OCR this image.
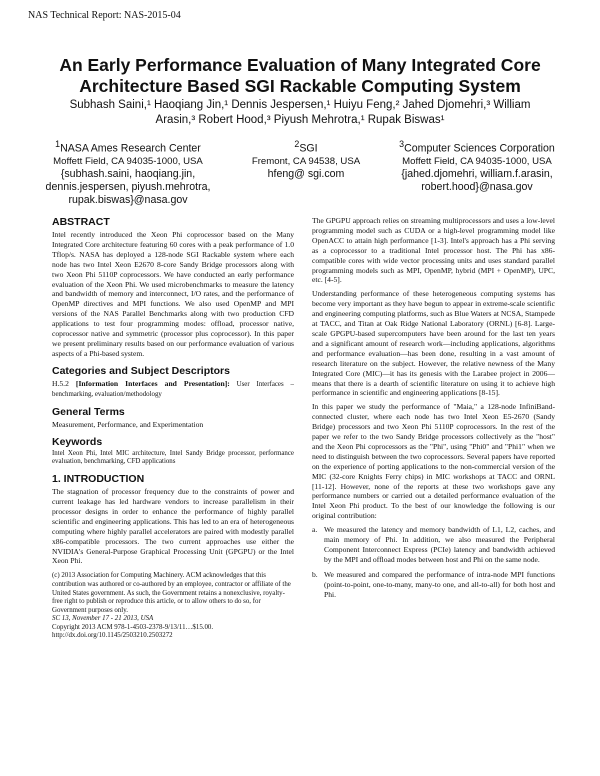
NAS Technical Report: NAS-2015-04
An Early Performance Evaluation of Many Integrated Core
Architecture Based SGI Rackable Computing System
Subhash Saini,¹ Haoqiang Jin,¹ Dennis Jespersen,¹ Huiyu Feng,² Jahed Djomehri,³ William
Arasin,³ Robert Hood,³ Piyush Mehrotra,¹ Rupak Biswas¹
$^1$NASA Ames Research Center
Moffett Field, CA 94035-1000, USA
{subhash.saini, haoqiang.jin,
dennis.jespersen, piyush.mehrotra,
rupak.biswas}@nasa.gov
$^2$SGI
Fremont, CA 94538, USA
hfeng@ sgi.com
$^3$Computer Sciences Corporation
Moffett Field, CA 94035-1000, USA
{jahed.djomehri, william.f.arasin,
robert.hood}@nasa.gov
ABSTRACT

Intel recently introduced the Xeon Phi coprocessor based on the Many Integrated Core architecture featuring 60 cores with a peak performance of 1.0 Tflop/s. NASA has deployed a 128-node SGI Rackable system where each node has two Intel Xeon E2670 8-core Sandy Bridge processors along with two Xeon Phi 5110P coprocessors. We have conducted an early performance evaluation of the Xeon Phi. We used microbenchmarks to measure the latency and bandwidth of memory and interconnect, I/O rates, and the performance of OpenMP directives and MPI functions. We also used OpenMP and MPI versions of the NAS Parallel Benchmarks along with two production CFD applications to test four programming modes: offload, processor native, coprocessor native and symmetric (processor plus coprocessor). In this paper we present preliminary results based on our performance evaluation of various aspects of a Phi-based system.

Categories and Subject Descriptors

H.5.2 [Information Interfaces and Presentation]: User Interfaces – benchmarking, evaluation/methodology

General Terms

Measurement, Performance, and Experimentation

Keywords

Intel Xeon Phi, Intel MIC architecture, Intel Sandy Bridge processor, performance evaluation, benchmarking, CFD applications

1. INTRODUCTION

The stagnation of processor frequency due to the constraints of power and current leakage has led hardware vendors to increase parallelism in their processor designs in order to enhance the performance of highly parallel scientific and engineering applications. This has led to an era of heterogeneous computing where highly parallel accelerators are paired with modestly parallel x86-compatible processors. The two current approaches use either the NVIDIA's General-Purpose Graphical Processing Unit (GPGPU) or the Intel Xeon Phi.

(c) 2013 Association for Computing Machinery. ACM acknowledges that this contribution was authored or co-authored by an employee, contractor or affiliate of the United States government. As such, the Government retains a nonexclusive, royalty-free right to publish or reproduce this article, or to allow others to do so, for Government purposes only.

SC 13, November 17 - 21 2013, USA

Copyright 2013 ACM 978-1-4503-2378-9/13/11…$15.00.

http://dx.doi.org/10.1145/2503210.2503272

The GPGPU approach relies on streaming multiprocessors and uses a low-level programming model such as CUDA or a high-level programming model like OpenACC to attain high performance [1-3]. Intel's approach has a Phi serving as a coprocessor to a traditional Intel processor host. The Phi has x86-compatible cores with wide vector processing units and uses standard parallel programming models such as MPI, OpenMP, hybrid (MPI + OpenMP), UPC, etc. [4-5].

Understanding performance of these heterogeneous computing systems has become very important as they have begun to appear in extreme-scale scientific and engineering computing platforms, such as Blue Waters at NCSA, Stampede at TACC, and Titan at Oak Ridge National Laboratory (ORNL) [6-8]. Large-scale GPGPU-based supercomputers have been around for the last ten years and a significant amount of research work—including applications, algorithms and performance evaluation—has been done, resulting in a vast amount of research literature on the subject. However, the relative newness of the Many Integrated Core (MIC)—it has its genesis with the Larabee project in 2006—means that there is a dearth of scientific literature on using it to achieve high performance in scientific and engineering applications [8-15].

In this paper we study the performance of "Maia," a 128-node InfiniBand-connected cluster, where each node has two Intel Xeon E5-2670 (Sandy Bridge) processors and two Xeon Phi 5110P coprocessors. In the rest of the paper we refer to the two Sandy Bridge processors collectively as the "host" and the Xeon Phi coprocessors as the "Phi", using "Phi0" and "Phi1" when we need to distinguish between the two coprocessors. Several papers have reported on the experience of porting applications to the non-commercial version of the MIC (32-core Knights Ferry chips) in MIC workshops at TACC and ORNL [11-12]. However, none of the reports at these two workshops gave any performance numbers or carried out a detailed performance evaluation of the Intel Xeon Phi product. To the best of our knowledge the following is our original contribution:

a. We measured the latency and memory bandwidth of L1, L2, caches, and main memory of Phi. In addition, we also measured the Peripheral Component Interconnect Express (PCIe) latency and bandwidth achieved by the MPI and offload modes between host and Phi on the same node.
b. We measured and compared the performance of intra-node MPI functions (point-to-point, one-to-many, many-to one, and all-to-all) for both host and Phi.
